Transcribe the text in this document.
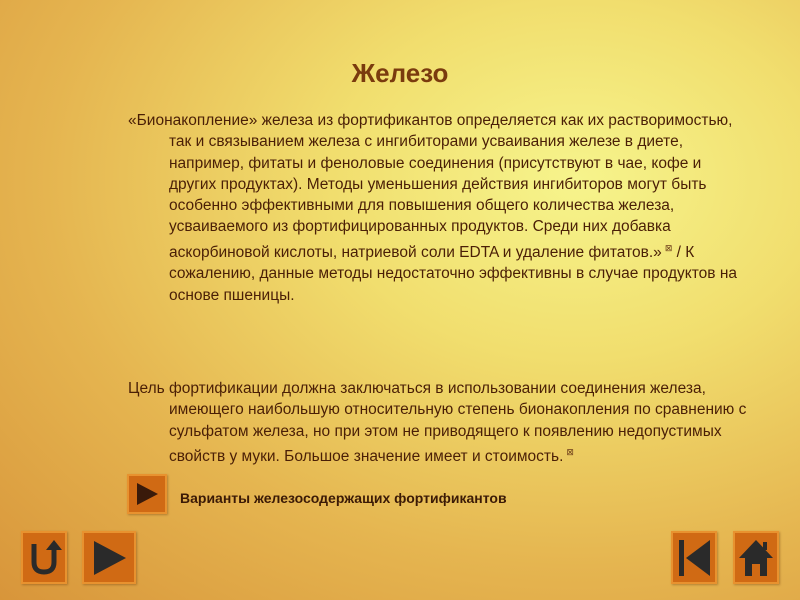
Железо
«Бионакопление» железа из фортификантов определяется как их растворимостью, так и связыванием железа с ингибиторами усваивания железе в диете, например, фитаты и феноловые соединения (присутствуют в чае, кофе и других продуктах). Методы уменьшения действия ингибиторов могут быть особенно эффективными для повышения общего количества железа, усваиваемого из фортифицированных продуктов. Среди них добавка аскорбиновой кислоты, натриевой соли EDTA и удаление фитатов.» ⊠ / К сожалению, данные методы недостаточно эффективны в случае продуктов на основе пшеницы.
Цель фортификации должна заключаться в использовании соединения железа, имеющего наибольшую относительную степень бионакопления по сравнению с сульфатом железа, но при этом не приводящего к появлению недопустимых свойств у муки. Большое значение имеет и стоимость. ⊠
Варианты железосодержащих фортификантов
